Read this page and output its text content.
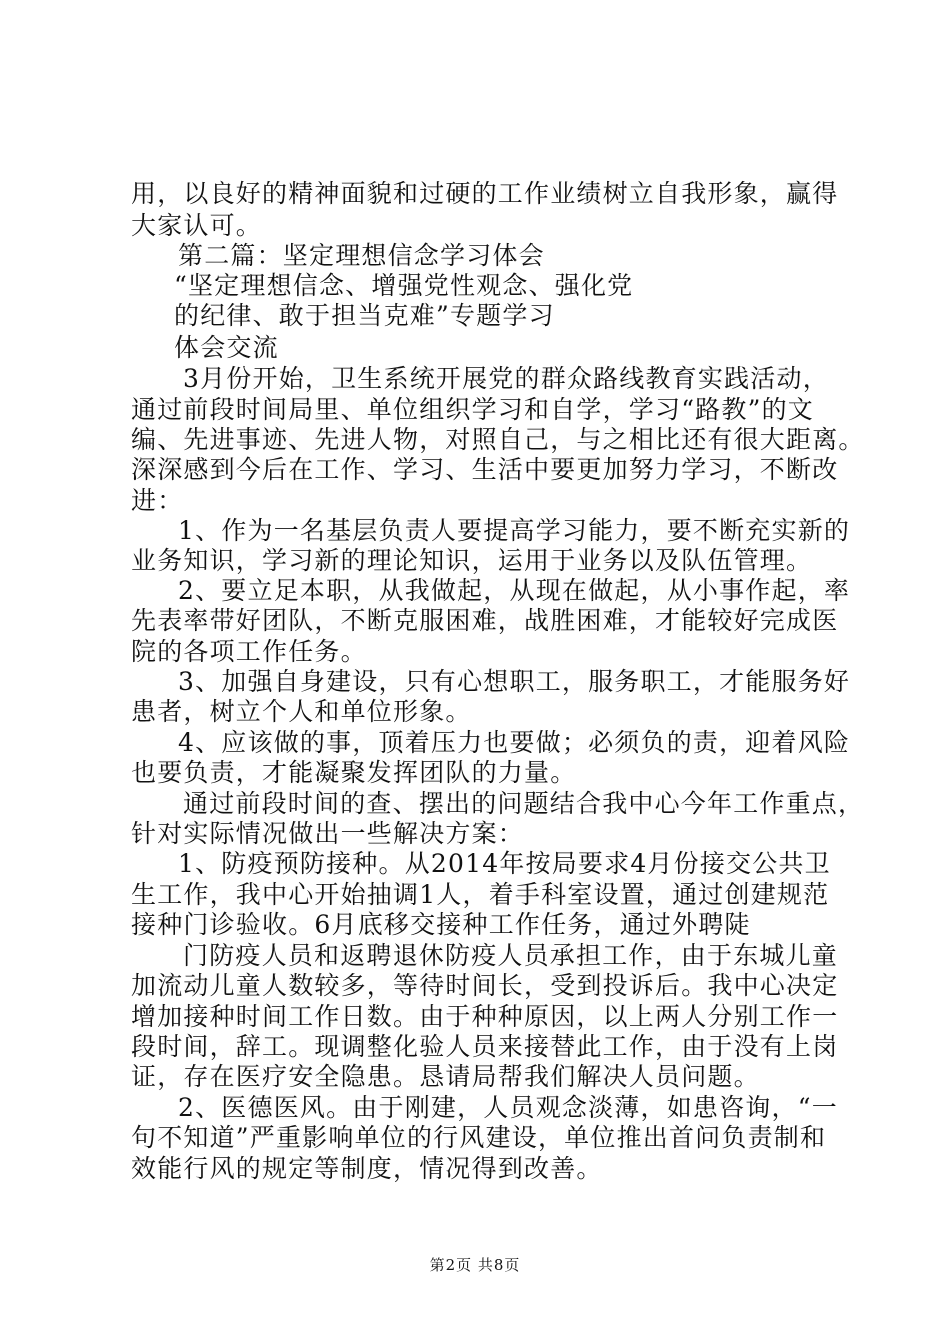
用，以良好的精神面貌和过硬的工作业绩树立自我形象，赢得

大家认可。

第二篇：坚定理想信念学习体会

“坚定理想信念、增强党性观念、强化党

的纪律、敢于担当克难”专题学习

体会交流

3月份开始，卫生系统开展党的群众路线教育实践活动，

通过前段时间局里、单位组织学习和自学，学习“路教”的文

编、先进事迹、先进人物，对照自己，与之相比还有很大距离。

深深感到今后在工作、学习、生活中要更加努力学习，不断改

进：

1、作为一名基层负责人要提高学习能力，要不断充实新的

业务知识，学习新的理论知识，运用于业务以及队伍管理。

2、要立足本职，从我做起，从现在做起，从小事作起，率

先表率带好团队，不断克服困难，战胜困难，才能较好完成医

院的各项工作任务。

3、加强自身建设，只有心想职工，服务职工，才能服务好

患者，树立个人和单位形象。

4、应该做的事，顶着压力也要做；必须负的责，迎着风险

也要负责，才能凝聚发挥团队的力量。

通过前段时间的查、摆出的问题结合我中心今年工作重点，

针对实际情况做出一些解决方案：

1、防疫预防接种。从2014年按局要求4月份接交公共卫

生工作，我中心开始抽调1人，着手科室设置，通过创建规范

接种门诊验收。6月底移交接种工作任务，通过外聘陡

门防疫人员和返聘退休防疫人员承担工作，由于东城儿童

加流动儿童人数较多，等待时间长，受到投诉后。我中心决定

增加接种时间工作日数。由于种种原因，以上两人分别工作一

段时间，辞工。现调整化验人员来接替此工作，由于没有上岗

证，存在医疗安全隐患。恳请局帮我们解决人员问题。

2、医德医风。由于刚建，人员观念淡薄，如患咨询，“一

句不知道”严重影响单位的行风建设，单位推出首问负责制和

效能行风的规定等制度，情况得到改善。

第2页 共8页
